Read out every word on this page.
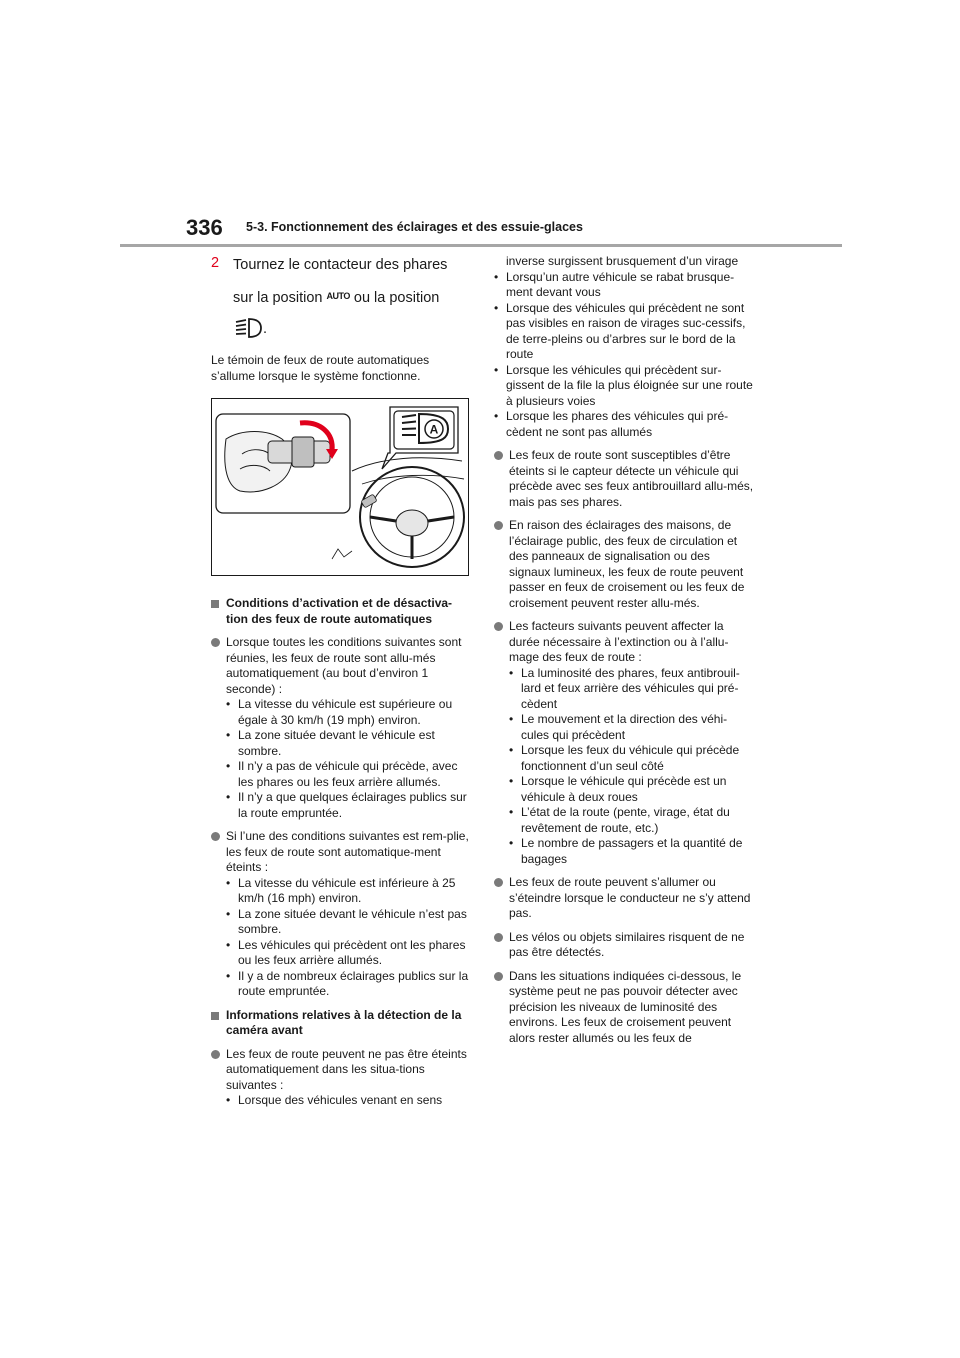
336 5-3. Fonctionnement des éclairages et des essuie-glaces
2 Tournez le contacteur des phares sur la position $^{AUTO}$ ou la position
.
Le témoin de feux de route automatiques s’allume lorsque le système fonctionne.
A
Conditions d’activation et de désactiva-tion des feux de route automatiques
Lorsque toutes les conditions suivantes sont réunies, les feux de route sont allu-més automatiquement (au bout d’environ 1 seconde) :
• La vitesse du véhicule est supérieure ou égale à 30 km/h (19 mph) environ.
• La zone située devant le véhicule est sombre.
• Il n’y a pas de véhicule qui précède, avec les phares ou les feux arrière allumés.
• Il n’y a que quelques éclairages publics sur la route empruntée.
Si l’une des conditions suivantes est rem-plie, les feux de route sont automatique-ment éteints :
• La vitesse du véhicule est inférieure à 25 km/h (16 mph) environ.
• La zone située devant le véhicule n’est pas sombre.
• Les véhicules qui précèdent ont les phares ou les feux arrière allumés.
• Il y a de nombreux éclairages publics sur la route empruntée.
Informations relatives à la détection de la caméra avant
Les feux de route peuvent ne pas être éteints automatiquement dans les situa-tions suivantes :
• Lorsque des véhicules venant en sens
inverse surgissent brusquement d’un virage
• Lorsqu’un autre véhicule se rabat brusque-ment devant vous
• Lorsque des véhicules qui précèdent ne sont pas visibles en raison de virages suc-cessifs, de terre-pleins ou d’arbres sur le bord de la route
• Lorsque les véhicules qui précèdent sur-gissent de la file la plus éloignée sur une route à plusieurs voies
• Lorsque les phares des véhicules qui pré-cèdent ne sont pas allumés
Les feux de route sont susceptibles d’être éteints si le capteur détecte un véhicule qui précède avec ses feux antibrouillard allu-més, mais pas ses phares.
En raison des éclairages des maisons, de l’éclairage public, des feux de circulation et des panneaux de signalisation ou des signaux lumineux, les feux de route peuvent passer en feux de croisement ou les feux de croisement peuvent rester allu-més.
Les facteurs suivants peuvent affecter la durée nécessaire à l’extinction ou à l’allu-mage des feux de route :
• La luminosité des phares, feux antibrouil-lard et feux arrière des véhicules qui pré-cèdent
• Le mouvement et la direction des véhi-cules qui précèdent
• Lorsque les feux du véhicule qui précède fonctionnent d’un seul côté
• Lorsque le véhicule qui précède est un véhicule à deux roues
• L’état de la route (pente, virage, état du revêtement de route, etc.)
• Le nombre de passagers et la quantité de bagages
Les feux de route peuvent s’allumer ou s’éteindre lorsque le conducteur ne s’y attend pas.
Les vélos ou objets similaires risquent de ne pas être détectés.
Dans les situations indiquées ci-dessous, le système peut ne pas pouvoir détecter avec précision les niveaux de luminosité des environs. Les feux de croisement peuvent alors rester allumés ou les feux de
